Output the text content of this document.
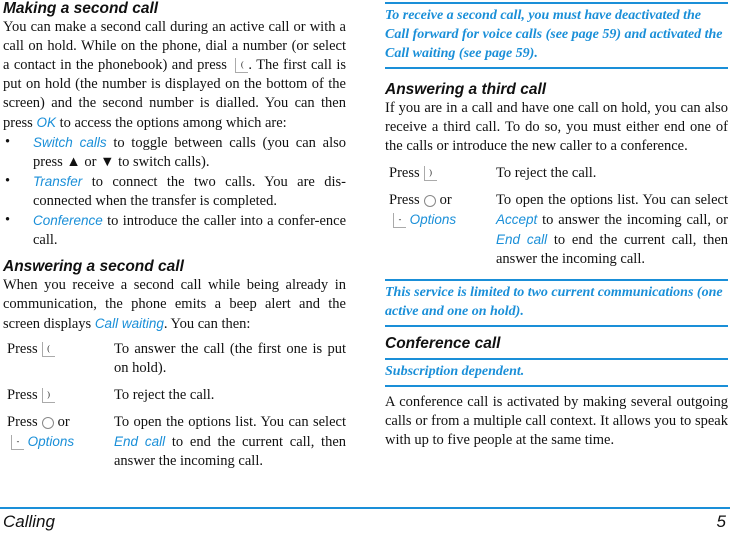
Making a second call

You can make a second call during an active call or with a call on hold. While on the phone, dial a number (or select a contact in the phonebook) and press ( . The first call is put on hold (the number is displayed on the bottom of the screen) and the second number is dialled. You can then press OK to access the options among which are:

• Switch calls to toggle between calls (you can also press ▲ or ▼ to switch calls).
• Transfer to connect the two calls. You are dis-connected when the transfer is completed.
• Conference to introduce the caller into a confer-ence call.
Answering a second call

When you receive a second call while being already in communication, the phone emits a beep alert and the screen displays Call waiting. You can then:

Press (	To answer the call (the first one is put on hold).
Press )	To reject the call.
Press or
- Options	To open the options list. You can select End call to end the current call, then answer the incoming call.
To receive a second call, you must have deactivated the Call forward for voice calls (see page 59) and activated the Call waiting (see page 59).
Answering a third call

If you are in a call and have one call on hold, you can also receive a third call. To do so, you must either end one of the calls or introduce the new caller to a conference.

Press )	To reject the call.
Press or
- Options	To open the options list. You can select Accept to answer the incoming call, or End call to end the current call, then answer the incoming call.
This service is limited to two current communications (one active and one on hold).
Conference call
Subscription dependent.

A conference call is activated by making several outgoing calls or from a multiple call context. It allows you to speak with up to five people at the same time.

Calling	5
